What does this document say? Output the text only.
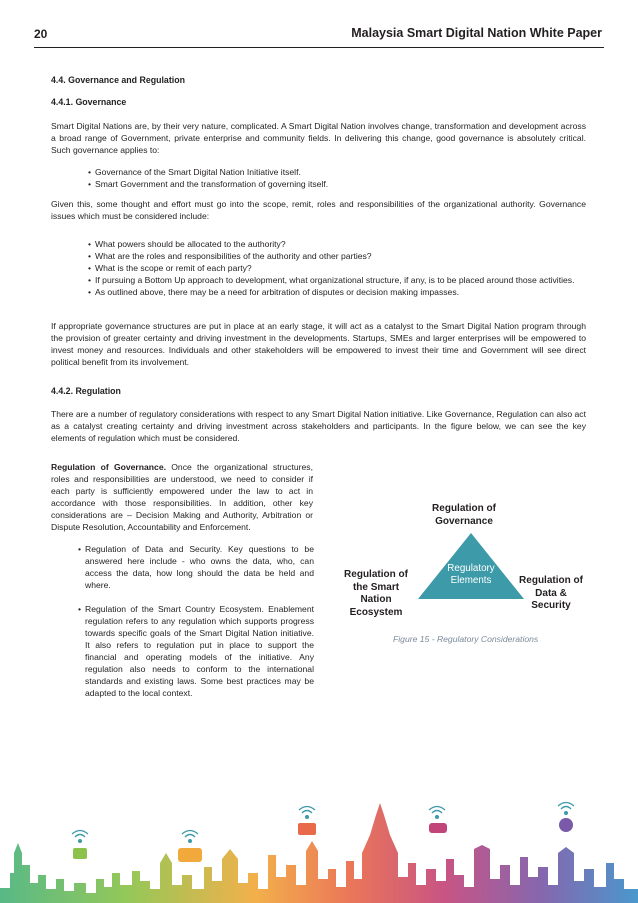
20	Malaysia Smart Digital Nation White Paper
4.4. Governance and Regulation
4.4.1. Governance
Smart Digital Nations are, by their very nature, complicated. A Smart Digital Nation involves change, transformation and development across a broad range of Government, private enterprise and community fields. In delivering this change, good governance is absolutely critical. Such governance applies to:
• Governance of the Smart Digital Nation Initiative itself.
• Smart Government and the transformation of governing itself.
Given this, some thought and effort must go into the scope, remit, roles and responsibilities of the organizational authority. Governance issues which must be considered include:
• What powers should be allocated to the authority?
• What are the roles and responsibilities of the authority and other parties?
• What is the scope or remit of each party?
• If pursuing a Bottom Up approach to development, what organizational structure, if any, is to be placed around those activities.
• As outlined above, there may be a need for arbitration of disputes or decision making impasses.
If appropriate governance structures are put in place at an early stage, it will act as a catalyst to the Smart Digital Nation program through the provision of greater certainty and driving investment in the developments. Startups, SMEs and larger enterprises will be empowered to invest money and resources. Individuals and other stakeholders will be empowered to invest their time and Government will see direct political benefit from its involvement.
4.4.2. Regulation
There are a number of regulatory considerations with respect to any Smart Digital Nation initiative. Like Governance, Regulation can also act as a catalyst creating certainty and driving investment across stakeholders and participants. In the figure below, we can see the key elements of regulation which must be considered.
Regulation of Governance. Once the organizational structures, roles and responsibilities are understood, we need to consider if each party is sufficiently empowered under the law to act in accordance with those responsibilities. In addition, other key considerations are – Decision Making and Authority, Arbitration or Dispute Resolution, Accountability and Enforcement.
• Regulation of Data and Security. Key questions to be answered here include - who owns the data, who, can access the data, how long should the data be held and where.
• Regulation of the Smart Country Ecosystem. Enablement regulation refers to any regulation which supports progress towards specific goals of the Smart Digital Nation initiative. It also refers to regulation put in place to support the financial and operating models of the initiative. Any regulation also needs to conform to the international standards and existing laws. Some best practices may be adapted to the local context.
Regulation of Governance
Regulatory Elements
Regulation of the Smart Nation Ecosystem
Regulation of Data & Security
Figure 15 - Regulatory Considerations
